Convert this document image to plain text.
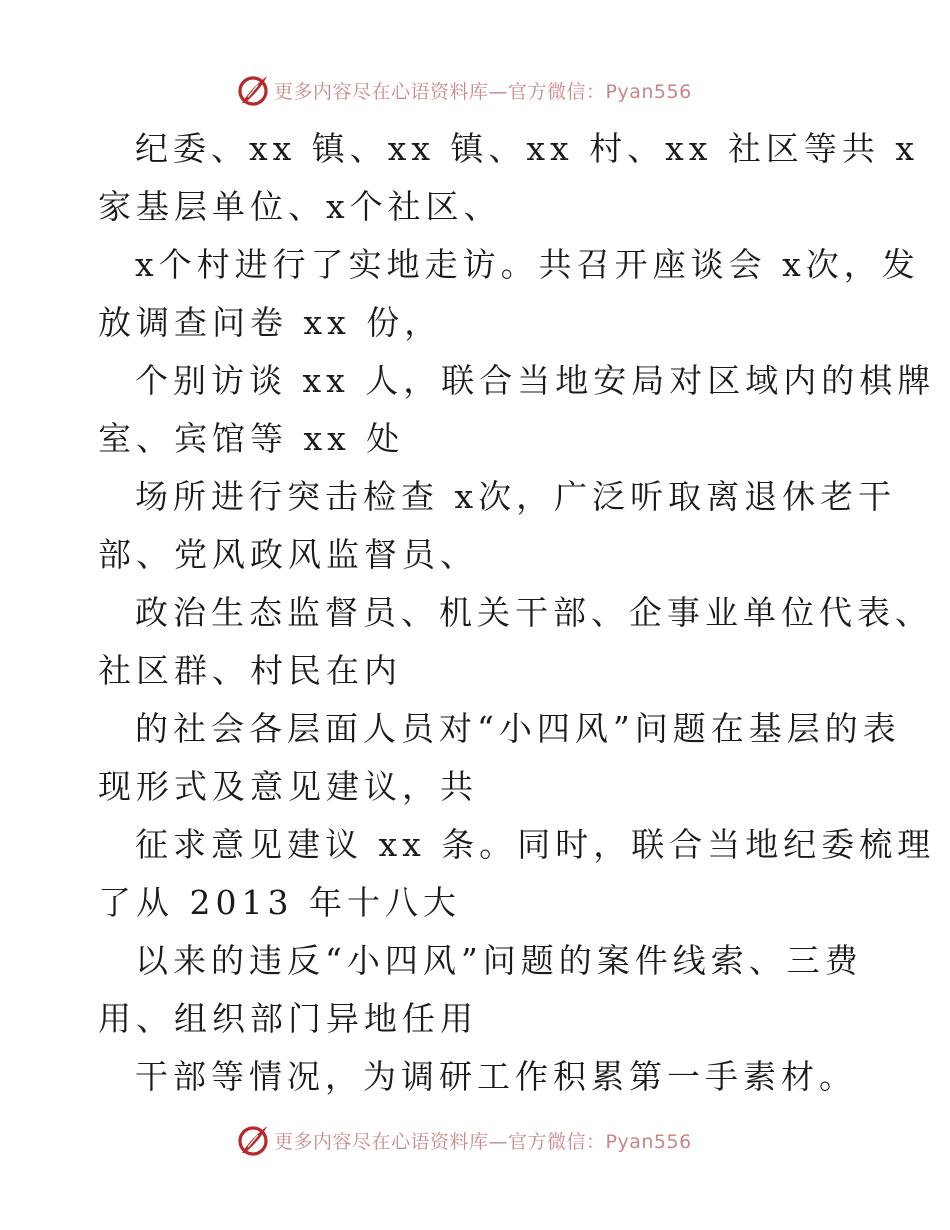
更多内容尽在心语资料库—官方微信：Pyan556
纪委、xx 镇、xx 镇、xx 村、xx 社区等共 x
家基层单位、x个社区、
x个村进行了实地走访。共召开座谈会 x次，发
放调查问卷 xx 份，
个别访谈 xx 人，联合当地安局对区域内的棋牌
室、宾馆等 xx 处
场所进行突击检查 x次，广泛听取离退休老干
部、党风政风监督员、
政治生态监督员、机关干部、企事业单位代表、
社区群、村民在内
的社会各层面人员对“小四风”问题在基层的表
现形式及意见建议，共
征求意见建议 xx 条。同时，联合当地纪委梳理
了从 2013 年十八大
以来的违反“小四风”问题的案件线索、三费
用、组织部门异地任用
干部等情况，为调研工作积累第一手素材。
更多内容尽在心语资料库—官方微信：Pyan556
